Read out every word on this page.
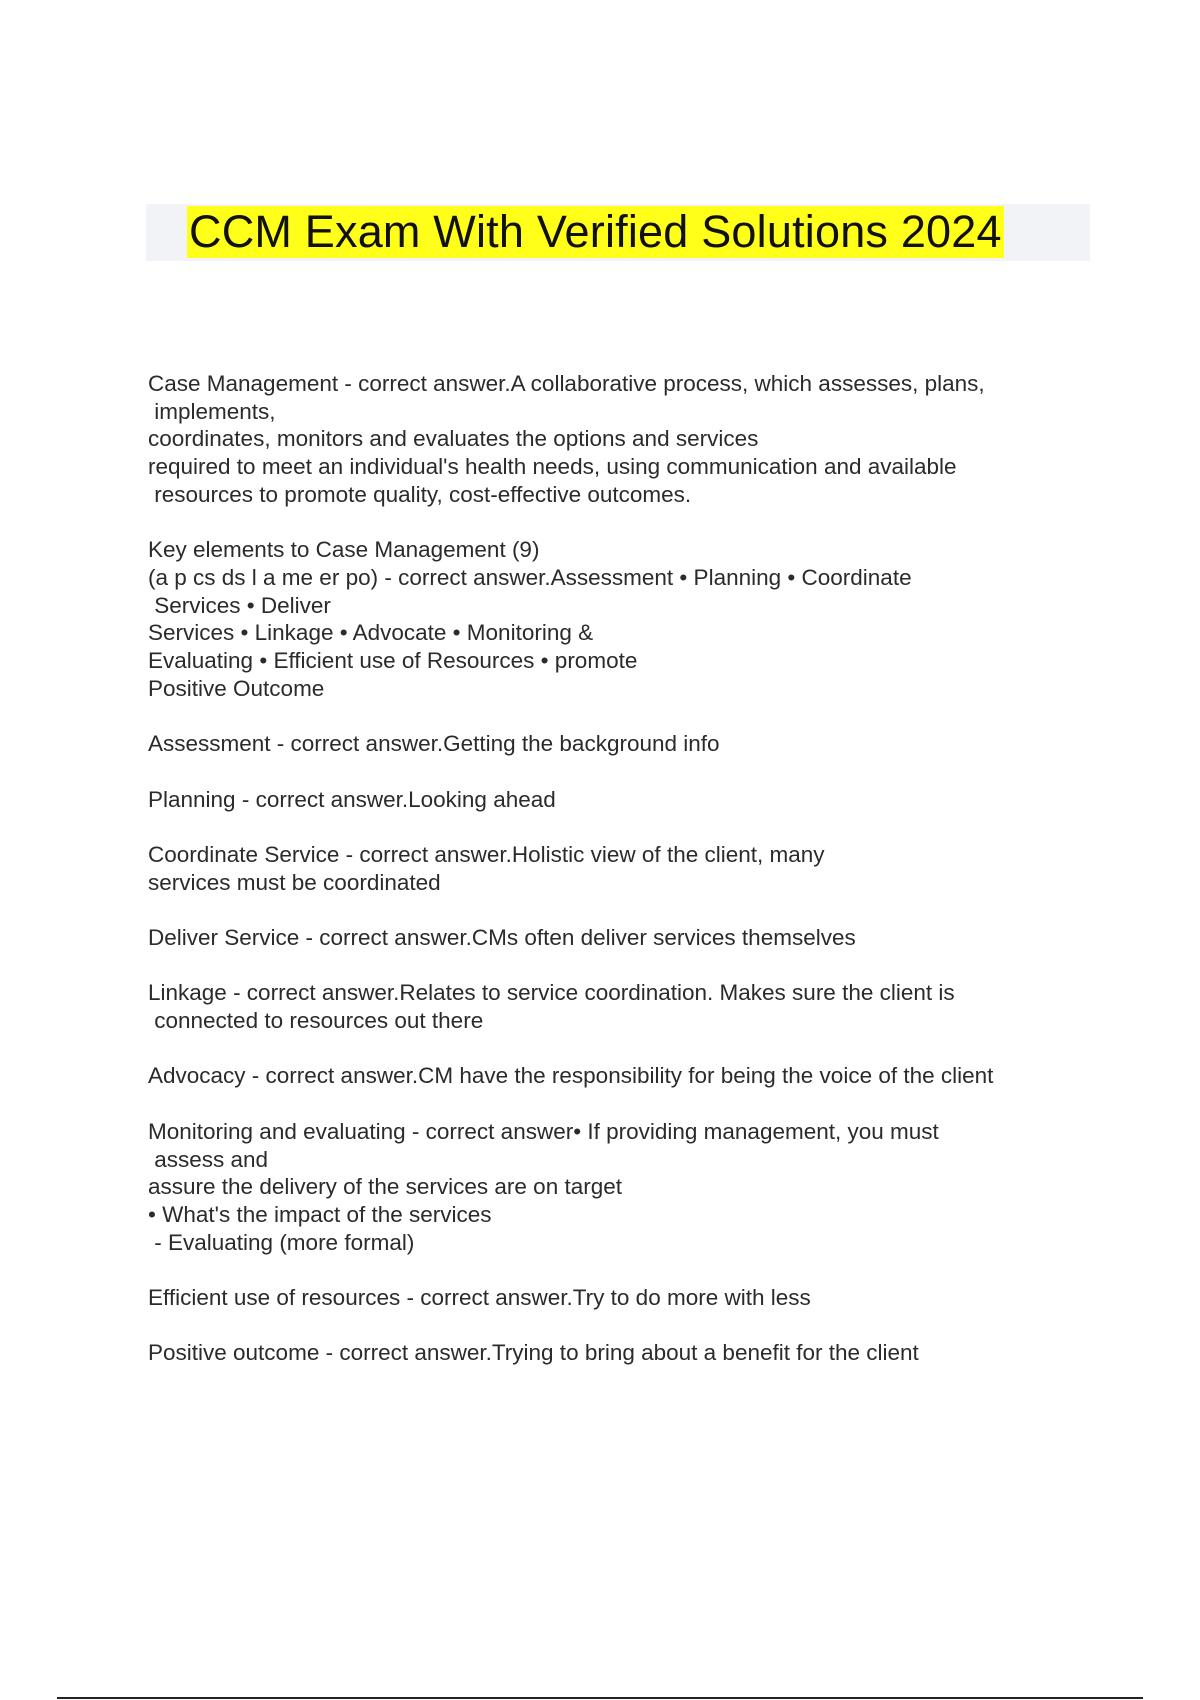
CCM Exam With Verified Solutions 2024
Case Management - correct answer.A collaborative process, which assesses, plans,
implements,
coordinates, monitors and evaluates the options and services
required to meet an individual's health needs, using communication and available
resources to promote quality, cost-effective outcomes.
Key elements to Case Management (9)
(a p cs ds l a me er po) - correct answer.Assessment • Planning • Coordinate
Services • Deliver
Services • Linkage • Advocate • Monitoring &
Evaluating • Efficient use of Resources • promote
Positive Outcome
Assessment - correct answer.Getting the background info
Planning - correct answer.Looking ahead
Coordinate Service - correct answer.Holistic view of the client, many
services must be coordinated
Deliver Service - correct answer.CMs often deliver services themselves
Linkage - correct answer.Relates to service coordination. Makes sure the client is
connected to resources out there
Advocacy - correct answer.CM have the responsibility for being the voice of the client
Monitoring and evaluating - correct answer• If providing management, you must
assess and
assure the delivery of the services are on target
• What's the impact of the services
- Evaluating (more formal)
Efficient use of resources - correct answer.Try to do more with less
Positive outcome - correct answer.Trying to bring about a benefit for the client
